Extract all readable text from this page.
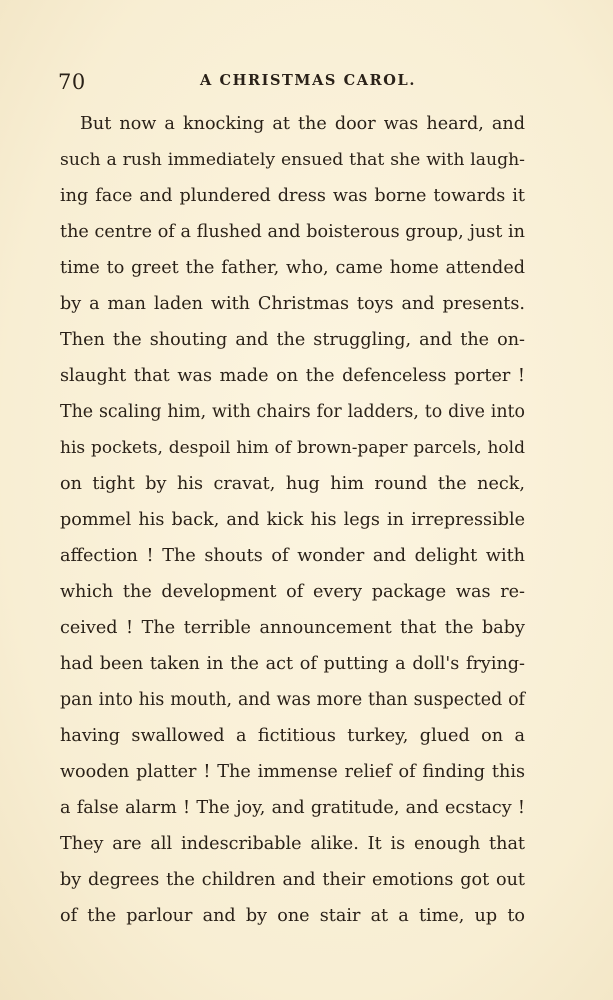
70	A CHRISTMAS CAROL.
But now a knocking at the door was heard, and
such a rush immediately ensued that she with laugh-
ing face and plundered dress was borne towards it
the centre of a flushed and boisterous group, just in
time to greet the father, who, came home attended
by a man laden with Christmas toys and presents.
Then the shouting and the struggling, and the on-
slaught that was made on the defenceless porter !
The scaling him, with chairs for ladders, to dive into
his pockets, despoil him of brown-paper parcels, hold
on tight by his cravat, hug him round the neck,
pommel his back, and kick his legs in irrepressible
affection ! The shouts of wonder and delight with
which the development of every package was re-
ceived ! The terrible announcement that the baby
had been taken in the act of putting a doll's frying-
pan into his mouth, and was more than suspected of
having swallowed a fictitious turkey, glued on a
wooden platter ! The immense relief of finding this
a false alarm ! The joy, and gratitude, and ecstacy !
They are all indescribable alike. It is enough that
by degrees the children and their emotions got out
of the parlour and by one stair at a time, up to
